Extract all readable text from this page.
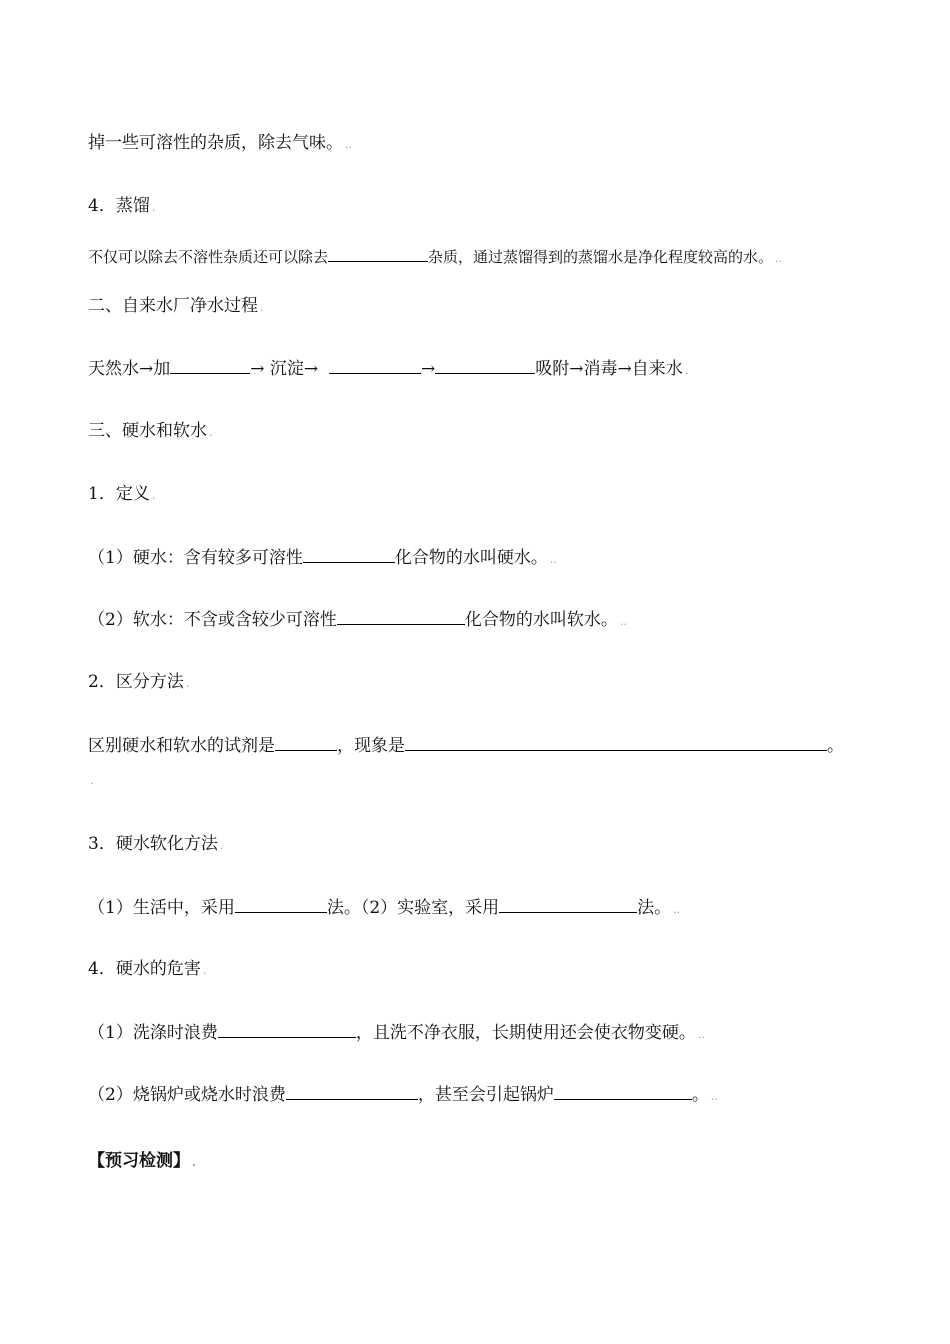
掉一些可溶性的杂质，除去气味。 ..
4．蒸馏 .
不仅可以除去不溶性杂质还可以除去	杂质，通过蒸馏得到的蒸馏水是净化程度较高的水。 ..
二、自来水厂净水过程 .
天然水→加	→ 沉淀→	→	吸附→消毒→自来水 .
三、硬水和软水 .
1．定义 .
（1）硬水：含有较多可溶性	化合物的水叫硬水。 ..
（2）软水：不含或含较少可溶性	化合物的水叫软水。 ..
2．区分方法 .
区别硬水和软水的试剂是	，现象是	。
.
3．硬水软化方法 .
（1）生活中，采用	法。（2）实验室，采用	法。 ..
4．硬水的危害 .
（1）洗涤时浪费	，且洗不净衣服，长期使用还会使衣物变硬。 ..
（2）烧锅炉或烧水时浪费	，甚至会引起锅炉	。 ..
【预习检测】 .
